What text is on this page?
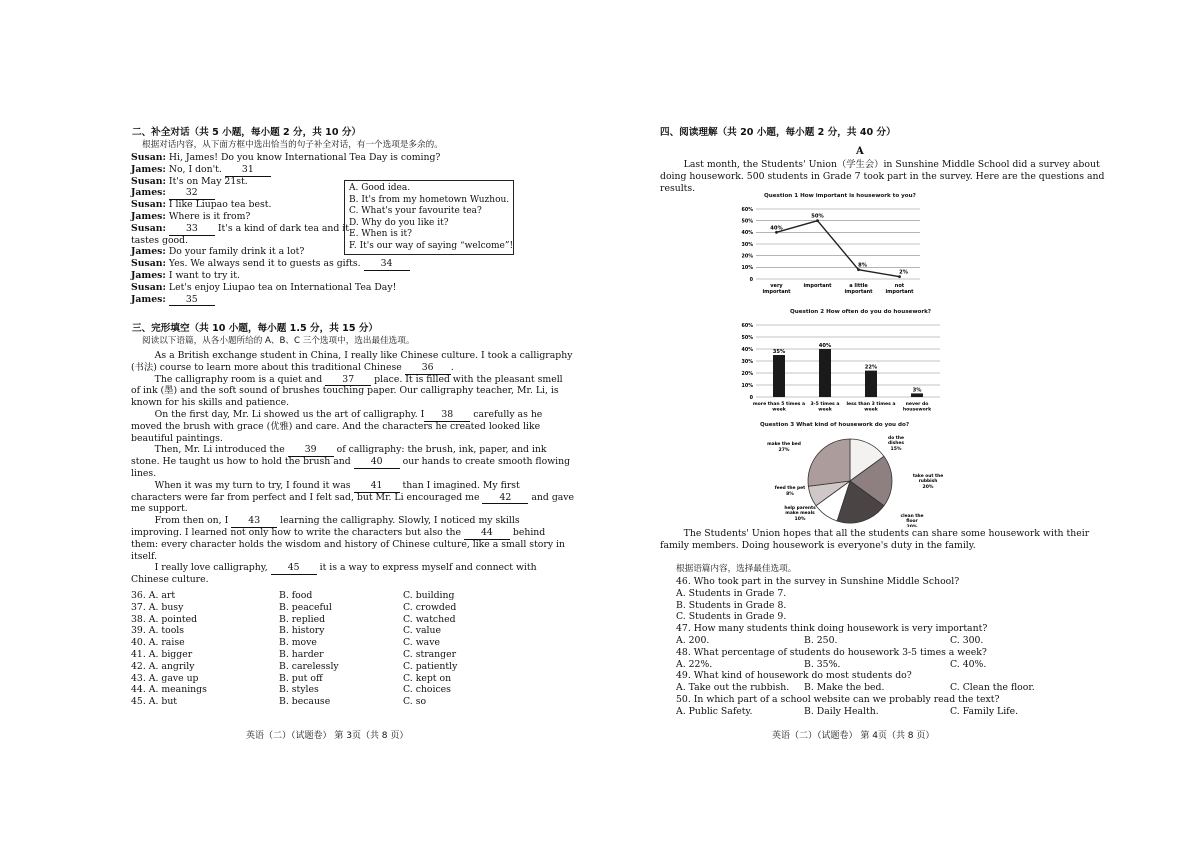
二、补全对话（共 5 小题，每小题 2 分，共 10 分）
根据对话内容，从下面方框中选出恰当的句子补全对话，有一个选项是多余的。
Susan: Hi, James! Do you know International Tea Day is coming?
James: No, I don't. 31
Susan: It's on May 21st.
James: 32
Susan: I like Liupao tea best.
James: Where is it from?
Susan: 33 It's a kind of dark tea and it
tastes good.
James: Do your family drink it a lot?
Susan: Yes. We always send it to guests as gifts. 34
James: I want to try it.
Susan: Let's enjoy Liupao tea on International Tea Day!
James: 35
A. Good idea.
B. It's from my hometown Wuzhou.
C. What's your favourite tea?
D. Why do you like it?
E. When is it?
F. It's our way of saying “welcome”!
三、完形填空（共 10 小题，每小题 1.5 分，共 15 分）
阅读以下语篇，从各小题所给的 A、B、C 三个选项中，选出最佳选项。
As a British exchange student in China, I really like Chinese culture. I took a calligraphy
(书法) course to learn more about this traditional Chinese 36 .
The calligraphy room is a quiet and 37 place. It is filled with the pleasant smell
of ink (墨) and the soft sound of brushes touching paper. Our calligraphy teacher, Mr. Li, is
known for his skills and patience.
On the first day, Mr. Li showed us the art of calligraphy. I 38 carefully as he
moved the brush with grace (优雅) and care. And the characters he created looked like
beautiful paintings.
Then, Mr. Li introduced the 39 of calligraphy: the brush, ink, paper, and ink
stone. He taught us how to hold the brush and 40 our hands to create smooth flowing
lines.
When it was my turn to try, I found it was 41 than I imagined. My first
characters were far from perfect and I felt sad, but Mr. Li encouraged me 42 and gave
me support.
From then on, I 43 learning the calligraphy. Slowly, I noticed my skills
improving. I learned not only how to write the characters but also the 44 behind
them: every character holds the wisdom and history of Chinese culture, like a small story in
itself.
I really love calligraphy, 45 it is a way to express myself and connect with
Chinese culture.
36. A. art	B. food	C. building
37. A. busy	B. peaceful	C. crowded
38. A. pointed	B. replied	C. watched
39. A. tools	B. history	C. value
40. A. raise	B. move	C. wave
41. A. bigger	B. harder	C. stranger
42. A. angrily	B. carelessly	C. patiently
43. A. gave up	B. put off	C. kept on
44. A. meanings	B. styles	C. choices
45. A. but	B. because	C. so
英语（二）（试题卷） 第 3页（共 8 页）
四、阅读理解（共 20 小题，每小题 2 分，共 40 分）
A
Last month, the Students' Union（学生会）in Sunshine Middle School did a survey about
doing housework. 500 students in Grade 7 took part in the survey. Here are the questions and
results.
Question 1 How important is housework to you?
0
10%
20%
30%
40%
50%
60%
40%
very important
50%
important
8%
a little important
2%
not important
Question 2 How often do you do housework?
0
10%
20%
30%
40%
50%
60%
35%
more than 5 times a week
40%
3-5 times a week
22%
less than 3 times a week
3%
never do housework
Question 3 What kind of housework do you do?
do the dishes
15%
take out the rubbish
20%
clean the floor
help parents make meals
10%
feed the pet
8%
make the bed
27%
The Students' Union hopes that all the students can share some housework with their
family members. Doing housework is everyone's duty in the family.
根据语篇内容，选择最佳选项。
46. Who took part in the survey in Sunshine Middle School?
A. Students in Grade 7.
B. Students in Grade 8.
C. Students in Grade 9.
47. How many students think doing housework is very important?
A. 200.	B. 250.	C. 300.
48. What percentage of students do housework 3-5 times a week?
A. 22%.	B. 35%.	C. 40%.
49. What kind of housework do most students do?
A. Take out the rubbish. B. Make the bed.	C. Clean the floor.
50. In which part of a school website can we probably read the text?
A. Public Safety.	B. Daily Health.	C. Family Life.
英语（二）（试题卷） 第 4页（共 8 页）
